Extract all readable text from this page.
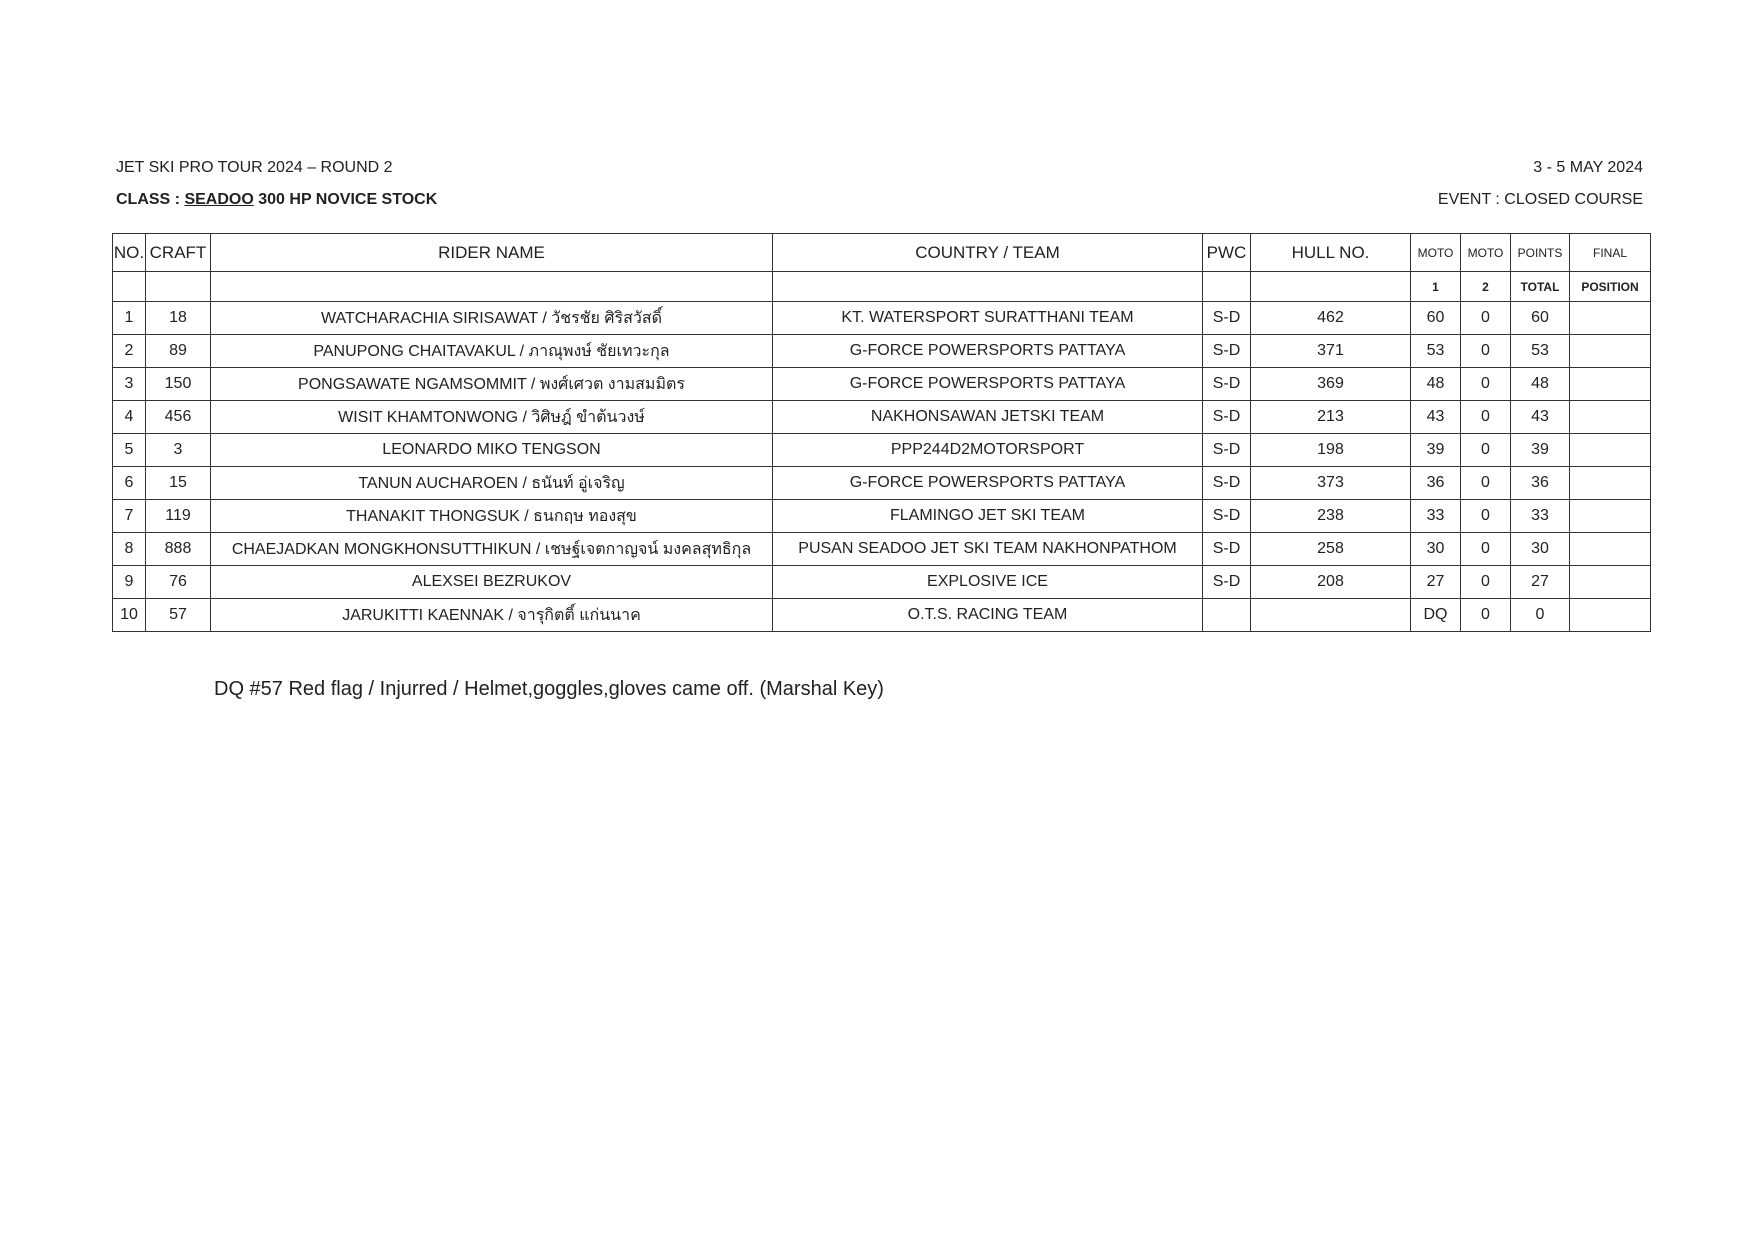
JET SKI PRO TOUR 2024 – ROUND 2	3 - 5 MAY 2024
CLASS : SEADOO 300 HP NOVICE STOCK	EVENT : CLOSED COURSE
NO.	CRAFT	RIDER NAME	COUNTRY / TEAM	PWC	HULL NO.	MOTO	MOTO	POINTS	FINAL
						1	2	TOTAL	POSITION
1	18	WATCHARACHIA SIRISAWAT / วัชรชัย ศิริสวัสดิ์	KT. WATERSPORT SURATTHANI TEAM	S-D	462	60	0	60	
2	89	PANUPONG CHAITAVAKUL / ภาณุพงษ์ ชัยเทวะกุล	G-FORCE POWERSPORTS PATTAYA	S-D	371	53	0	53	
3	150	PONGSAWATE NGAMSOMMIT / พงศ์เศวต งามสมมิตร	G-FORCE POWERSPORTS PATTAYA	S-D	369	48	0	48	
4	456	WISIT KHAMTONWONG / วิศิษฎ์ ขำต้นวงษ์	NAKHONSAWAN JETSKI TEAM	S-D	213	43	0	43	
5	3	LEONARDO MIKO TENGSON	PPP244D2MOTORSPORT	S-D	198	39	0	39	
6	15	TANUN AUCHAROEN / ธนันท์ อู่เจริญ	G-FORCE POWERSPORTS PATTAYA	S-D	373	36	0	36	
7	119	THANAKIT THONGSUK / ธนกฤษ ทองสุข	FLAMINGO JET SKI TEAM	S-D	238	33	0	33	
8	888	CHAEJADKAN MONGKHONSUTTHIKUN / เชษฐ์เจตกาญจน์ มงคลสุทธิกุล	PUSAN SEADOO JET SKI TEAM NAKHONPATHOM	S-D	258	30	0	30	
9	76	ALEXSEI BEZRUKOV	EXPLOSIVE ICE	S-D	208	27	0	27	
10	57	JARUKITTI KAENNAK / จารุกิตติ์ แก่นนาค	O.T.S. RACING TEAM			DQ	0	0	
DQ #57 Red flag / Injurred / Helmet,goggles,gloves came off. (Marshal Key)
